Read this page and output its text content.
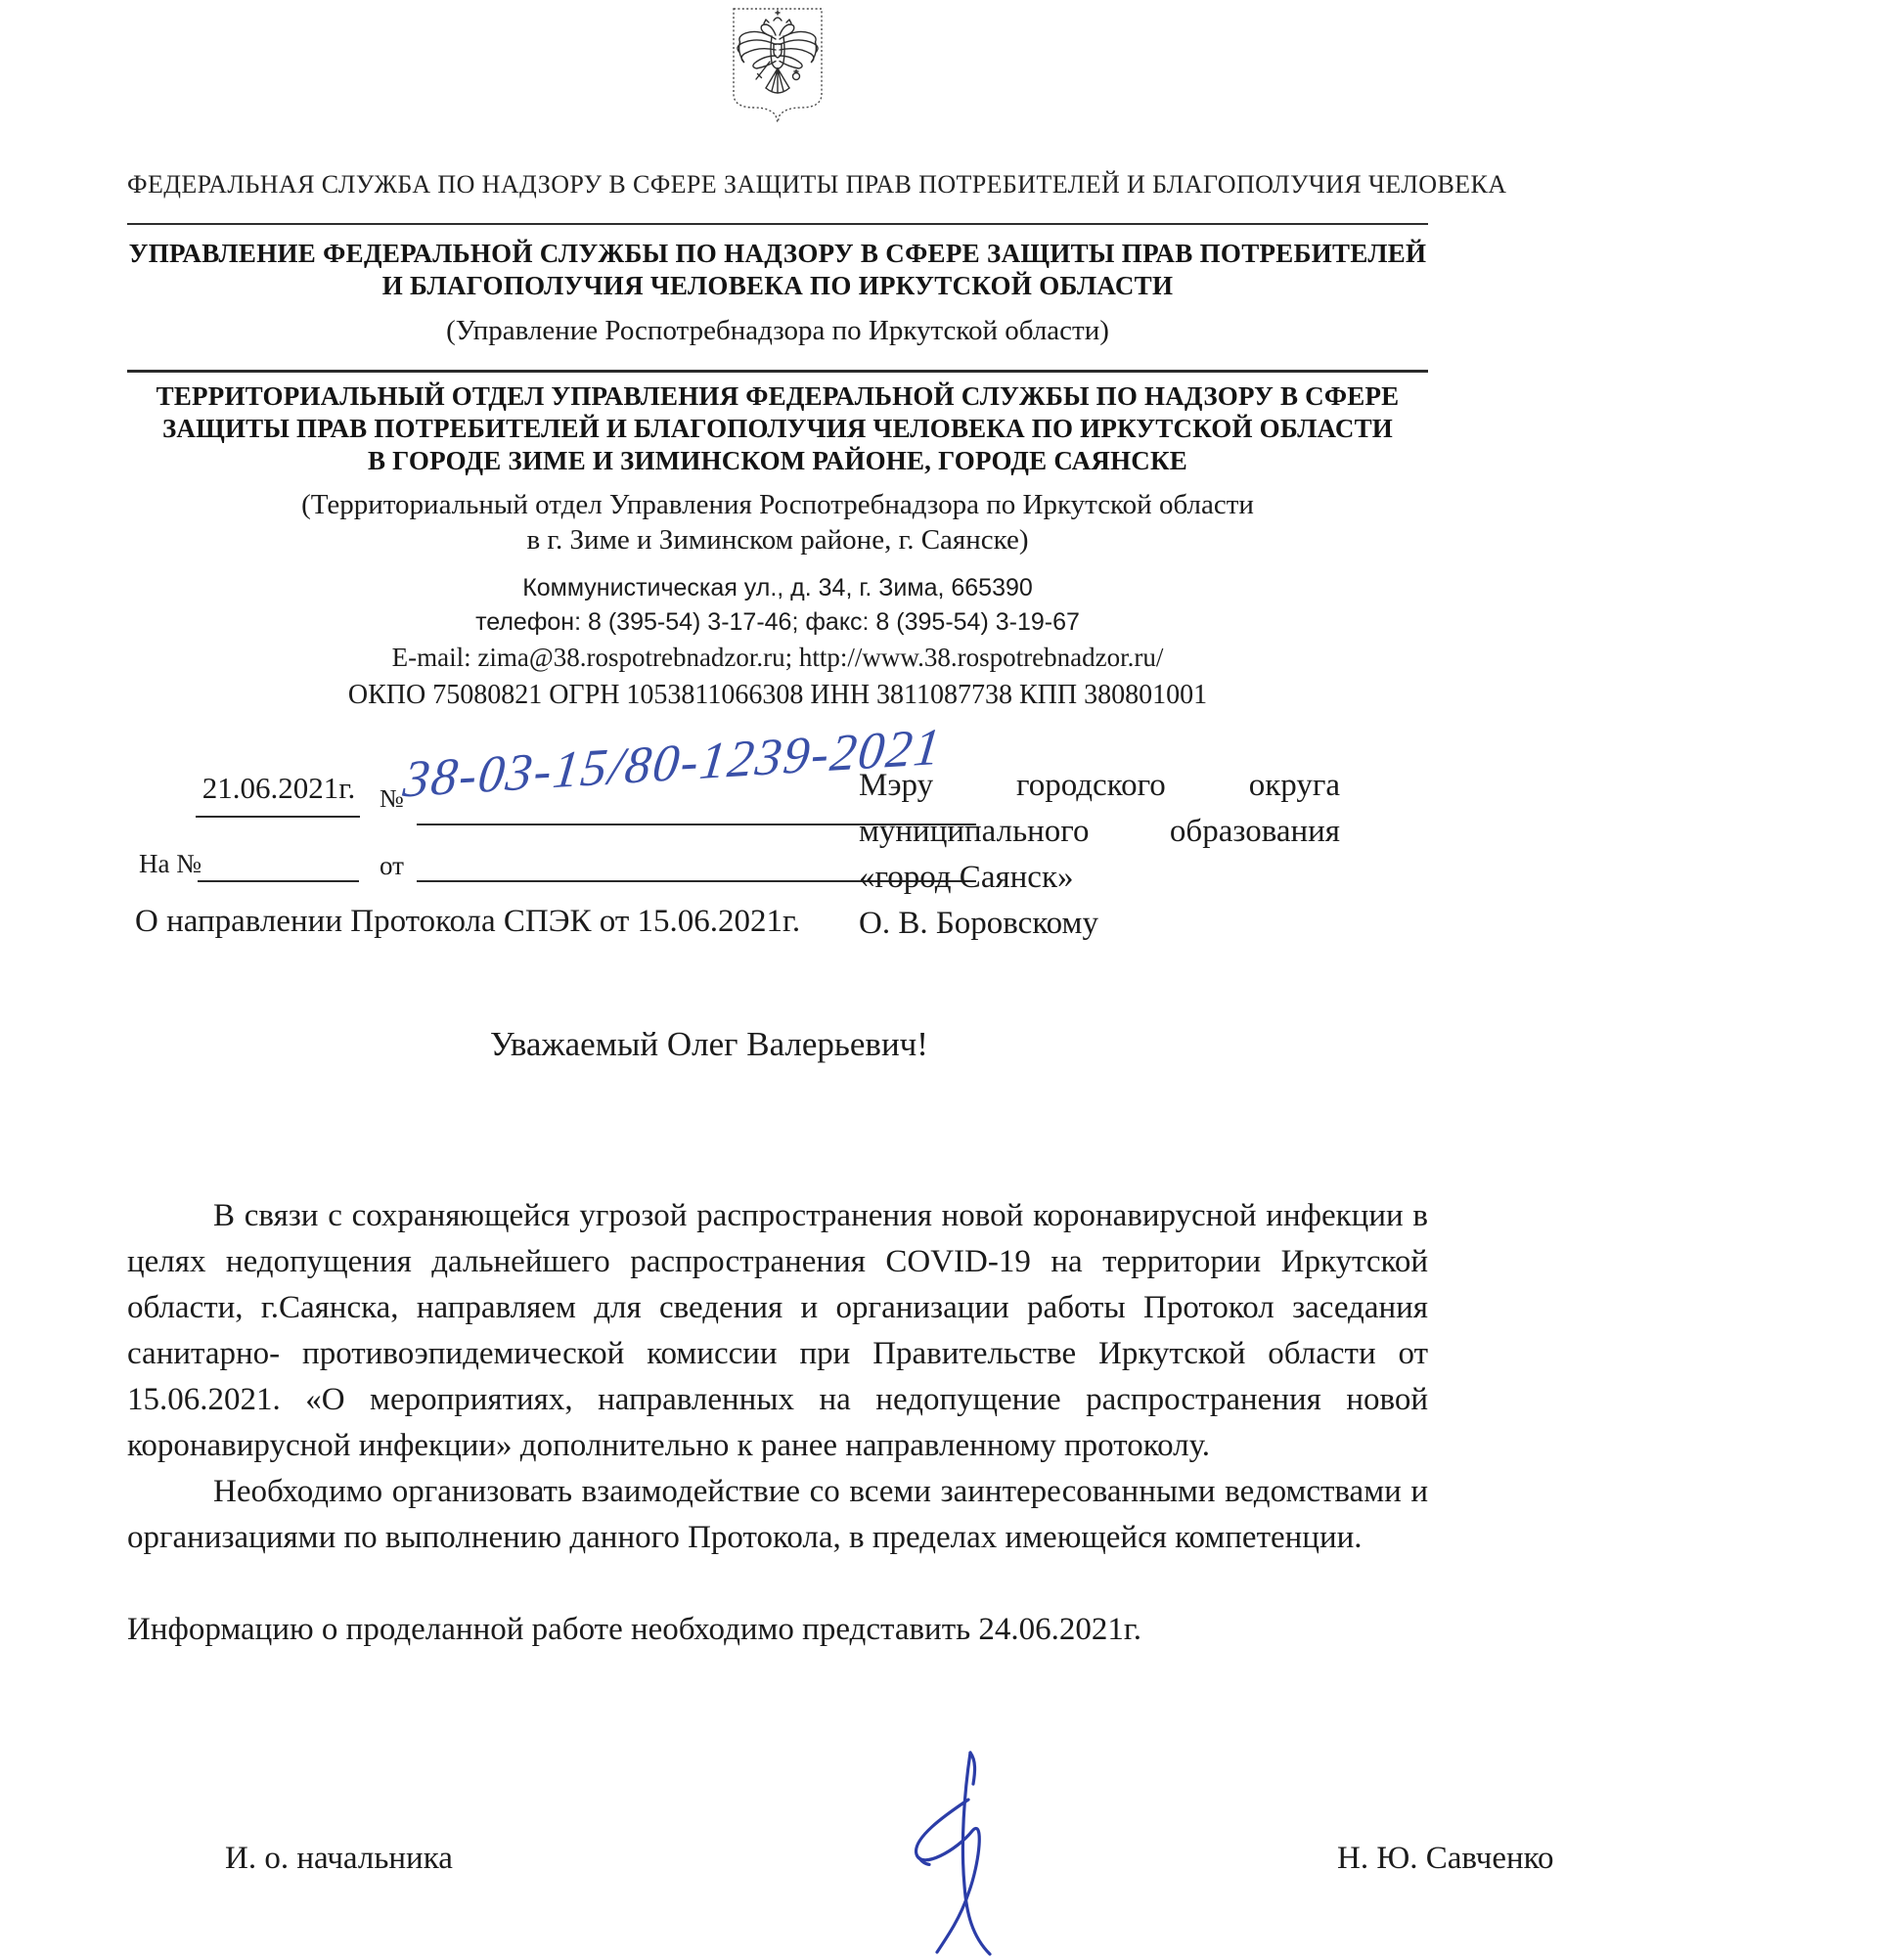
ФЕДЕРАЛЬНАЯ СЛУЖБА ПО НАДЗОРУ В СФЕРЕ ЗАЩИТЫ ПРАВ ПОТРЕБИТЕЛЕЙ И БЛАГОПОЛУЧИЯ ЧЕЛОВЕКА
УПРАВЛЕНИЕ ФЕДЕРАЛЬНОЙ СЛУЖБЫ ПО НАДЗОРУ В СФЕРЕ ЗАЩИТЫ ПРАВ ПОТРЕБИТЕЛЕЙ
И БЛАГОПОЛУЧИЯ ЧЕЛОВЕКА ПО ИРКУТСКОЙ ОБЛАСТИ
(Управление Роспотребнадзора по Иркутской области)
ТЕРРИТОРИАЛЬНЫЙ ОТДЕЛ УПРАВЛЕНИЯ ФЕДЕРАЛЬНОЙ СЛУЖБЫ ПО НАДЗОРУ В СФЕРЕ
ЗАЩИТЫ ПРАВ ПОТРЕБИТЕЛЕЙ И БЛАГОПОЛУЧИЯ ЧЕЛОВЕКА ПО ИРКУТСКОЙ ОБЛАСТИ
В ГОРОДЕ ЗИМЕ И ЗИМИНСКОМ РАЙОНЕ, ГОРОДЕ САЯНСКЕ
(Территориальный отдел Управления Роспотребнадзора по Иркутской области
в г. Зиме и Зиминском районе, г. Саянске)
Коммунистическая ул., д. 34, г. Зима, 665390
телефон: 8 (395-54) 3-17-46; факс: 8 (395-54) 3-19-67
E-mail: zima@38.rospotrebnadzor.ru; http://www.38.rospotrebnadzor.ru/
ОКПО 75080821 ОГРН 1053811066308 ИНН 3811087738 КПП 380801001
21.06.2021г. №
38-03-15/80-1239-2021
На №	от
О направлении Протокола СПЭК от 15.06.2021г.
Мэру городского округа
муниципального образования
«город Саянск»
О. В. Боровскому
Уважаемый Олег Валерьевич!

В связи с сохраняющейся угрозой распространения новой коронавирусной инфекции в целях недопущения дальнейшего распространения COVID-19 на территории Иркутской области, г.Саянска, направляем для сведения и организации работы Протокол заседания санитарно- противоэпидемической комиссии при Правительстве Иркутской области от 15.06.2021. «О мероприятиях, направленных на недопущение распространения новой коронавирусной инфекции» дополнительно к ранее направленному протоколу.

Необходимо организовать взаимодействие со всеми заинтересованными ведомствами и организациями по выполнению данного Протокола, в пределах имеющейся компетенции.

Информацию о проделанной работе необходимо представить 24.06.2021г.

И. о. начальника	Н. Ю. Савченко
